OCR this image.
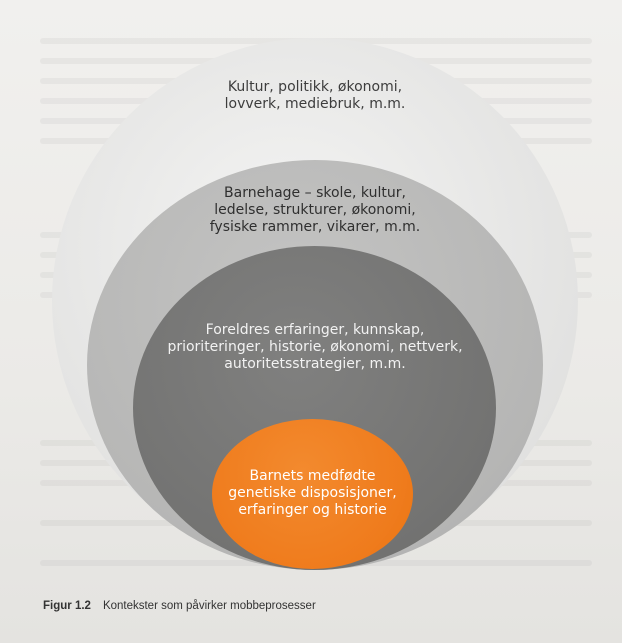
Kultur, politikk, økonomi,
lovverk, mediebruk, m.m.
Barnehage – skole, kultur,
ledelse, strukturer, økonomi,
fysiske rammer, vikarer, m.m.
Foreldres erfaringer, kunnskap,
prioriteringer, historie, økonomi, nettverk,
autoritetsstrategier, m.m.
Barnets medfødte
genetiske disposisjoner,
erfaringer og historie
Figur 1.2 Kontekster som påvirker mobbeprosesser
